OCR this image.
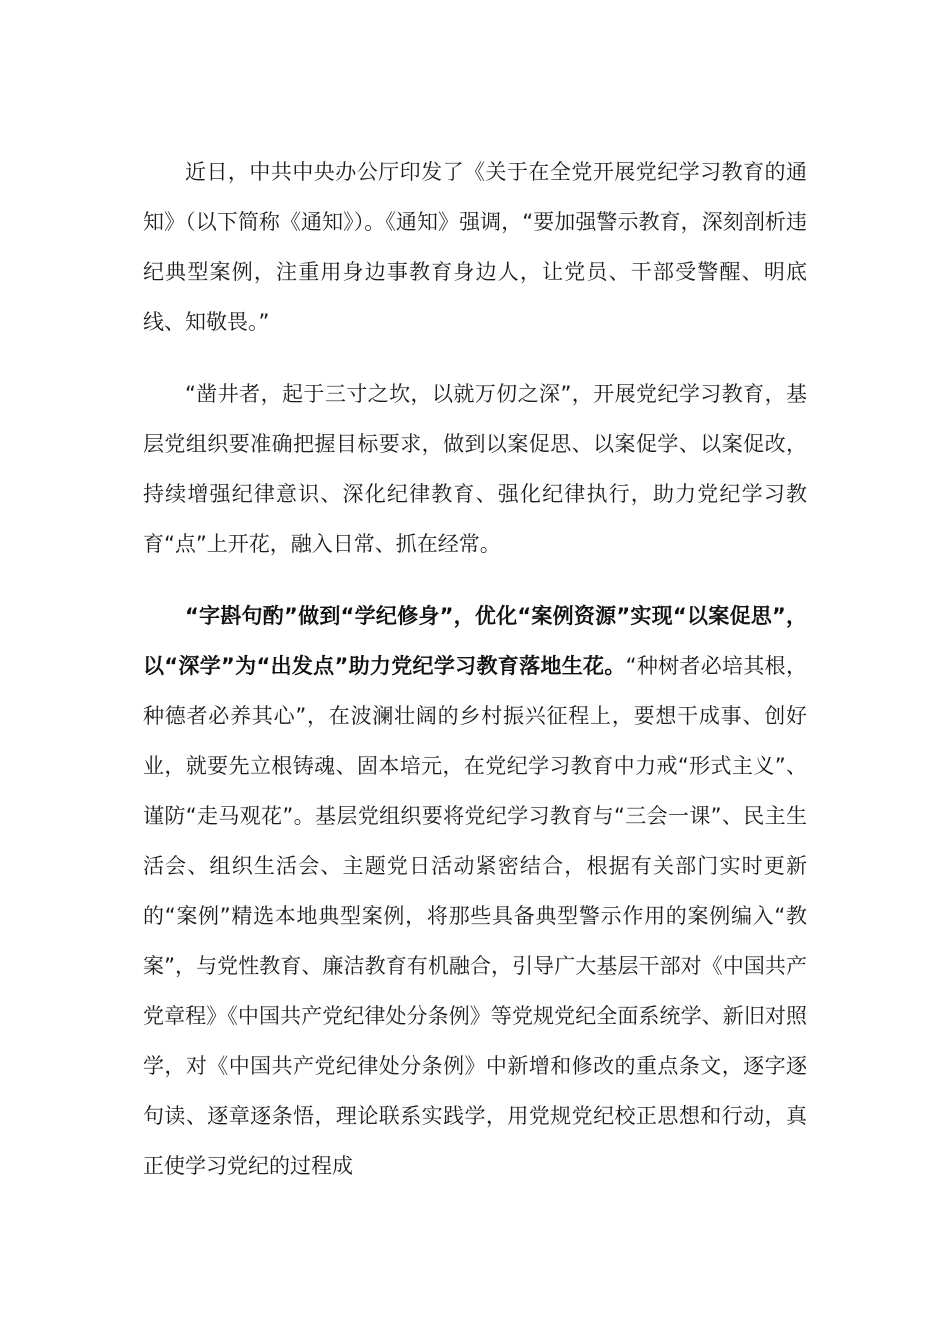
近日，中共中央办公厅印发了《关于在全党开展党纪学习教育的通知》（以下简称《通知》）。《通知》强调，“要加强警示教育，深刻剖析违纪典型案例，注重用身边事教育身边人，让党员、干部受警醒、明底线、知敬畏。”

“凿井者，起于三寸之坎，以就万仞之深”，开展党纪学习教育，基层党组织要准确把握目标要求，做到以案促思、以案促学、以案促改，持续增强纪律意识、深化纪律教育、强化纪律执行，助力党纪学习教育“点”上开花，融入日常、抓在经常。

“字斟句酌”做到“学纪修身”，优化“案例资源”实现“以案促思”，以“深学”为“出发点”助力党纪学习教育落地生花。“种树者必培其根，种德者必养其心”，在波澜壮阔的乡村振兴征程上，要想干成事、创好业，就要先立根铸魂、固本培元，在党纪学习教育中力戒“形式主义”、谨防“走马观花”。基层党组织要将党纪学习教育与“三会一课”、民主生活会、组织生活会、主题党日活动紧密结合，根据有关部门实时更新的“案例”精选本地典型案例，将那些具备典型警示作用的案例编入“教案”，与党性教育、廉洁教育有机融合，引导广大基层干部对《中国共产党章程》《中国共产党纪律处分条例》等党规党纪全面系统学、新旧对照学，对《中国共产党纪律处分条例》中新增和修改的重点条文，逐字逐句读、逐章逐条悟，理论联系实践学，用党规党纪校正思想和行动，真正使学习党纪的过程成
